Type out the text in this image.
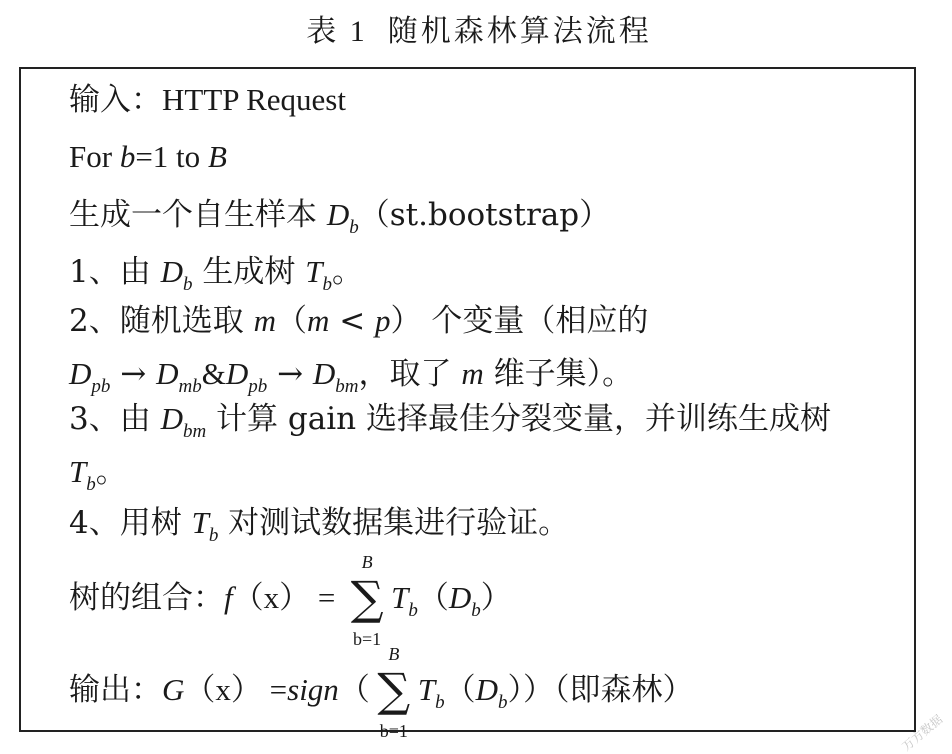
表 1 随机森林算法流程
输入：HTTP Request
For b=1 to B
生成一个自生样本 $D_b(st.bootstrap)$
1、由 $D_b$ 生成树 $T_b$。
2、随机选取 m（m < p） 个变量（相应的
$D_{pb}$ → $D_{mb}\&D_{pb} \to D_{bm}$，取了 m 维子集）。
3、由 $D_{bm}$ 计算 gain 选择最佳分裂变量，并训练生成树
$T_b$。
4、用树 $T_b$ 对测试数据集进行验证。
树的组合：f（x） =
B
∑
b=1
$T_b(D_b)$
输出：G（x） =sign（
B
∑
b=1
$T_b(D_b)$）（即森林）
万方数据
